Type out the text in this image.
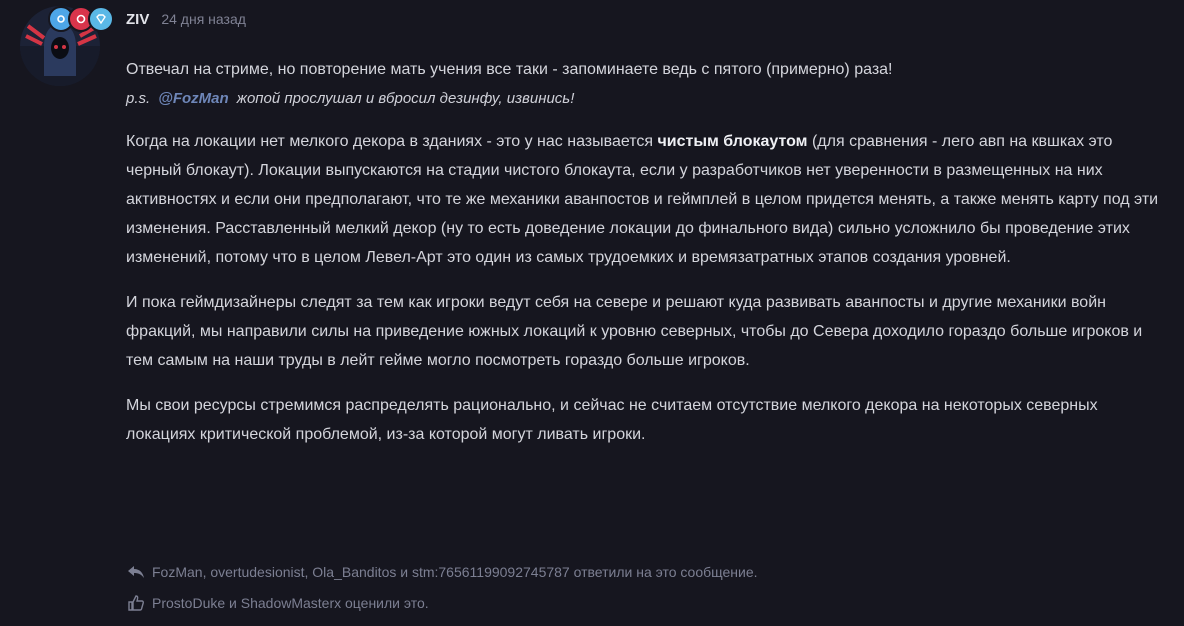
ZIV 24 дня назад

Отвечал на стриме, но повторение мать учения все таки - запоминаете ведь с пятого (примерно) раза!

p.s. @FozMan жопой прослушал и вбросил дезинфу, извинись!

Когда на локации нет мелкого декора в зданиях - это у нас называется чистым блокаутом (для сравнения - лего авп на квшках это черный блокаут). Локации выпускаются на стадии чистого блокаута, если у разработчиков нет уверенности в размещенных на них активностях и если они предполагают, что те же механики аванпостов и геймплей в целом придется менять, а также менять карту под эти изменения. Расставленный мелкий декор (ну то есть доведение локации до финального вида) сильно усложнило бы проведение этих изменений, потому что в целом Левел-Арт это один из самых трудоемких и времязатратных этапов создания уровней.

И пока геймдизайнеры следят за тем как игроки ведут себя на севере и решают куда развивать аванпосты и другие механики войн фракций, мы направили силы на приведение южных локаций к уровню северных, чтобы до Севера доходило гораздо больше игроков и тем самым на наши труды в лейт гейме могло посмотреть гораздо больше игроков.

Мы свои ресурсы стремимся распределять рационально, и сейчас не считаем отсутствие мелкого декора на некоторых северных локациях критической проблемой, из-за которой могут ливать игроки.

FozMan, overtudesionist, Ola_Banditos и stm:76561199092745787 ответили на это сообщение.
ProstoDuke и ShadowMasterx оценили это.
